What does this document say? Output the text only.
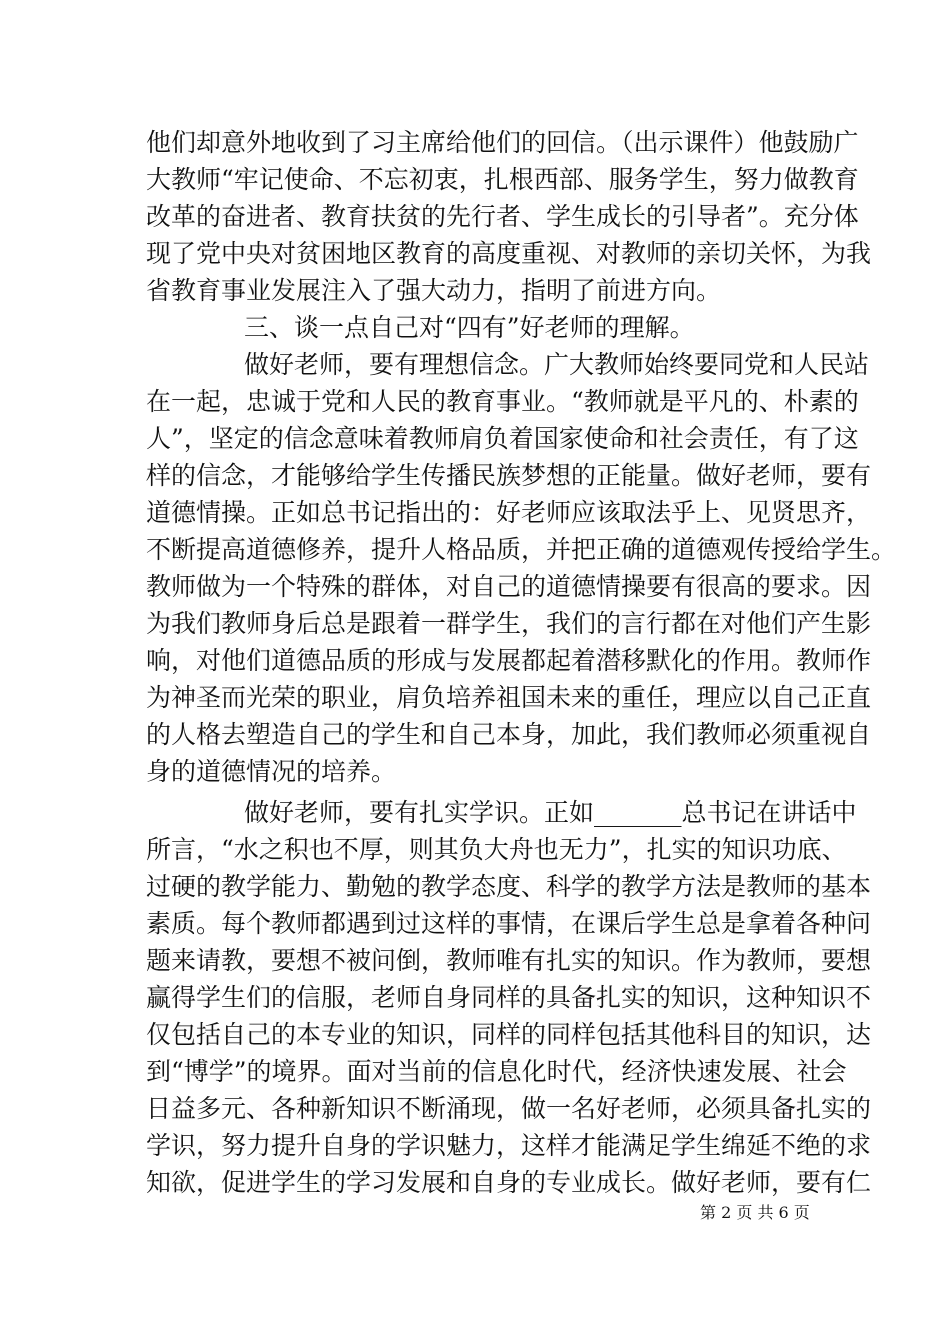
他们却意外地收到了习主席给他们的回信。（出示课件）他鼓励广
大教师“牢记使命、不忘初衷，扎根西部、服务学生，努力做教育
改革的奋进者、教育扶贫的先行者、学生成长的引导者”。充分体
现了党中央对贫困地区教育的高度重视、对教师的亲切关怀，为我
省教育事业发展注入了强大动力，指明了前进方向。
三、谈一点自己对“四有”好老师的理解。
做好老师，要有理想信念。广大教师始终要同党和人民站
在一起，忠诚于党和人民的教育事业。“教师就是平凡的、朴素的
人”，坚定的信念意味着教师肩负着国家使命和社会责任，有了这
样的信念，才能够给学生传播民族梦想的正能量。做好老师，要有
道德情操。正如总书记指出的：好老师应该取法乎上、见贤思齐，
不断提高道德修养，提升人格品质，并把正确的道德观传授给学生。
教师做为一个特殊的群体，对自己的道德情操要有很高的要求。因
为我们教师身后总是跟着一群学生，我们的言行都在对他们产生影
响，对他们道德品质的形成与发展都起着潜移默化的作用。教师作
为神圣而光荣的职业，肩负培养祖国未来的重任，理应以自己正直
的人格去塑造自己的学生和自己本身，加此，我们教师必须重视自
身的道德情况的培养。
做好老师，要有扎实学识。正如_______总书记在讲话中
所言，“水之积也不厚，则其负大舟也无力”，扎实的知识功底、
过硬的教学能力、勤勉的教学态度、科学的教学方法是教师的基本
素质。每个教师都遇到过这样的事情，在课后学生总是拿着各种问
题来请教，要想不被问倒，教师唯有扎实的知识。作为教师，要想
赢得学生们的信服，老师自身同样的具备扎实的知识，这种知识不
仅包括自己的本专业的知识，同样的同样包括其他科目的知识，达
到“博学”的境界。面对当前的信息化时代，经济快速发展、社会
日益多元、各种新知识不断涌现，做一名好老师，必须具备扎实的
学识，努力提升自身的学识魅力，这样才能满足学生绵延不绝的求
知欲，促进学生的学习发展和自身的专业成长。做好老师，要有仁
第 2 页 共 6 页
